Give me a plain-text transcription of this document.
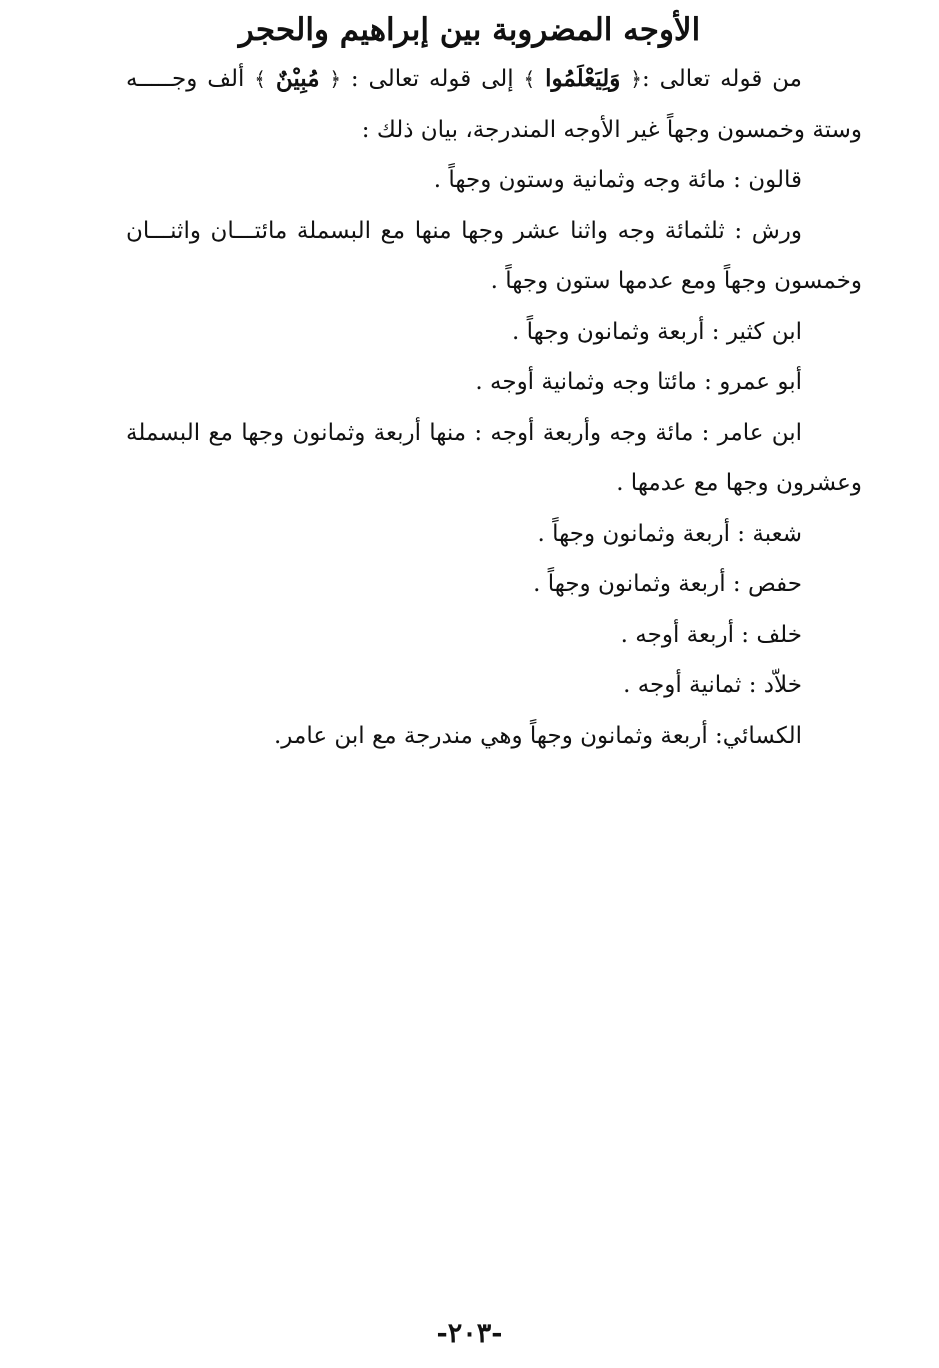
الأوجه المضروبة بين إبراهيم والحجر
من قوله تعالى :﴿ وَلِيَعْلَمُوا ﴾ إلى قوله تعالى : ﴿ مُبِيْنٌ ﴾ ألف وجـــــه
وستة وخمسون وجهاً غير الأوجه المندرجة، بيان ذلك :
قالون : مائة وجه وثمانية وستون وجهاً .
ورش : ثلثمائة وجه واثنا عشر وجها منها مع البسملة مائتـــان واثنـــان
وخمسون وجهاً ومع عدمها ستون وجهاً .
ابن كثير : أربعة وثمانون وجهاً .
أبو عمرو : مائتا وجه وثمانية أوجه .
ابن عامر : مائة وجه وأربعة أوجه : منها أربعة وثمانون وجها مع البسملة
وعشرون وجها مع عدمها .
شعبة : أربعة وثمانون وجهاً .
حفص : أربعة وثمانون وجهاً .
خلف : أربعة أوجه .
خلاّد : ثمانية أوجه .
الكسائي: أربعة وثمانون وجهاً وهي مندرجة مع ابن عامر.
-٢٠٣-
